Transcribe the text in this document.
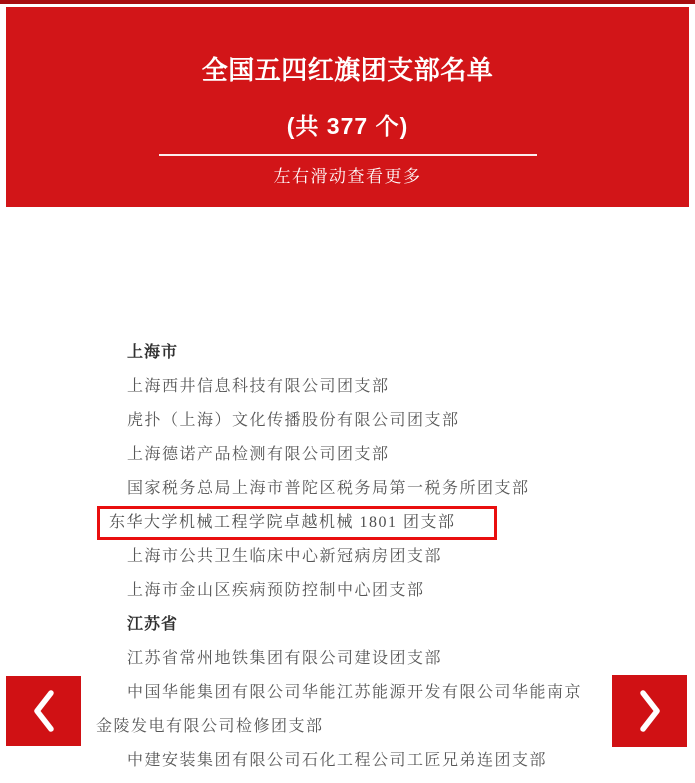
全国五四红旗团支部名单
(共 377 个)
左右滑动查看更多

上海市

上海西井信息科技有限公司团支部

虎扑（上海）文化传播股份有限公司团支部

上海德诺产品检测有限公司团支部

国家税务总局上海市普陀区税务局第一税务所团支部

东华大学机械工程学院卓越机械 1801 团支部

上海市公共卫生临床中心新冠病房团支部

上海市金山区疾病预防控制中心团支部

江苏省

江苏省常州地铁集团有限公司建设团支部

中国华能集团有限公司华能江苏能源开发有限公司华能南京金陵发电有限公司检修团支部

中建安装集团有限公司石化工程公司工匠兄弟连团支部
